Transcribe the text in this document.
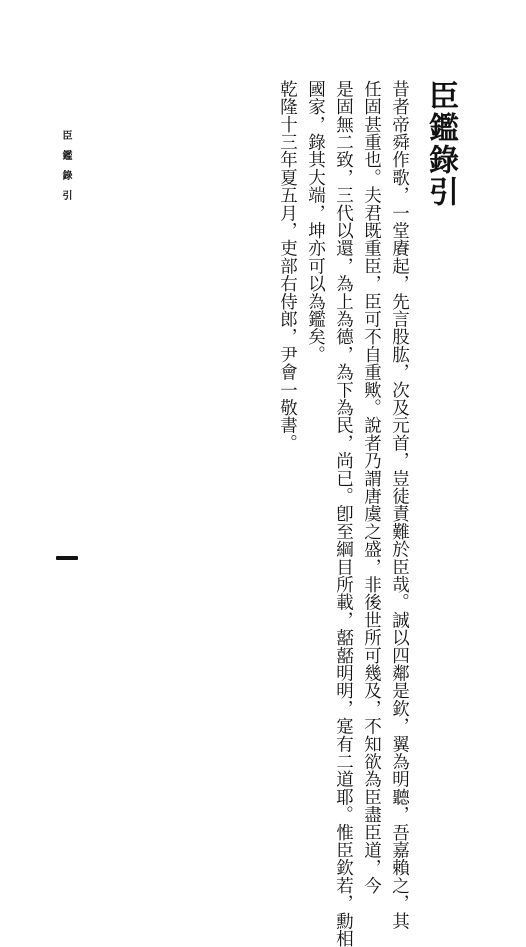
臣鑑錄引
昔者帝舜作歌，一堂賡起，先言股肱，次及元首，豈徒責難於臣哉。誠以四鄰是欽，翼為明聽，吾嘉賴之，其
任固甚重也。夫君既重臣，臣可不自重歟。說者乃謂唐虞之盛，非後世所可幾及，不知欲為臣盡臣道，今
是固無二致，三代以還，為上為德，為下為民，尚已。卽至綱目所載，嚭嚭明明，寔有二道耶。惟臣欽若，勳相
國家，錄其大端，坤亦可以為鑑矣。
乾隆十三年夏五月，吏部右侍郎，尹會一敬書。
臣鑑錄引
